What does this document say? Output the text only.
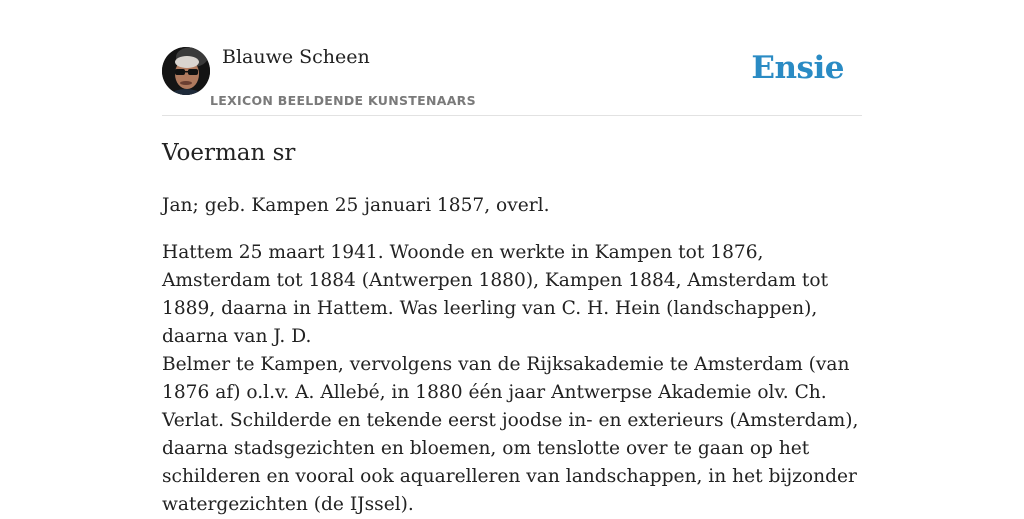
Blauwe Scheen
LEXICON BEELDENDE KUNSTENAARS
Ensie
Voerman sr

Jan; geb. Kampen 25 januari 1857, overl.

Hattem 25 maart 1941. Woonde en werkte in Kampen tot 1876, Amsterdam tot 1884 (Antwerpen 1880), Kampen 1884, Amsterdam tot 1889, daarna in Hattem. Was leerling van C. H. Hein (landschappen), daarna van J. D.

Belmer te Kampen, vervolgens van de Rijksakademie te Amsterdam (van 1876 af) o.l.v. A. Allebé, in 1880 één jaar Antwerpse Akademie olv. Ch. Verlat. Schilderde en tekende eerst joodse in- en exterieurs (Amsterdam), daarna stadsgezichten en bloemen, om tenslotte over te gaan op het schilderen en vooral ook aquarelleren van landschappen, in het bijzonder watergezichten (de IJssel).
